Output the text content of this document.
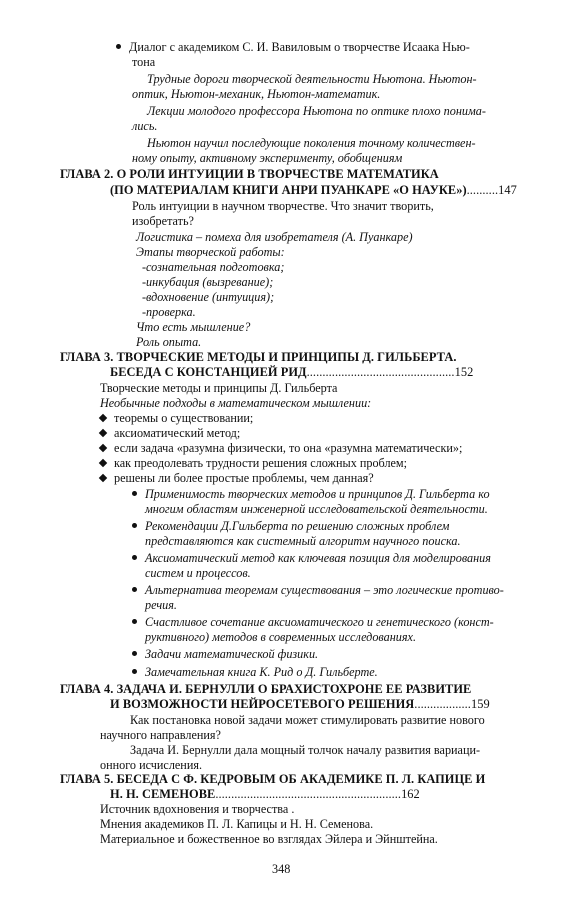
Диалог с академиком С. И. Вавиловым о творчестве Исаака Нью-
тона
Трудные дороги творческой деятельности Ньютона. Ньютон-
оптик, Ньютон-механик, Ньютон-математик.
Лекции молодого профессора Ньютона по оптике плохо понима-
лись.
Ньютон научил последующие поколения точному количествен-
ному опыту, активному эксперименту, обобщениям
ГЛАВА 2. О РОЛИ ИНТУИЦИИ В ТВОРЧЕСТВЕ МАТЕМАТИКА
(ПО МАТЕРИАЛАМ КНИГИ АНРИ ПУАНКАРЕ «О НАУКЕ»)..........147
Роль интуиции в научном творчестве. Что значит творить,
изобретать?
Логистика – помеха для изобретателя (А. Пуанкаре)
Этапы творческой работы:
-сознательная подготовка;
-инкубация (вызревание);
-вдохновение (интуиция);
-проверка.
Что есть мышление?
Роль опыта.
ГЛАВА 3. ТВОРЧЕСКИЕ МЕТОДЫ И ПРИНЦИПЫ Д. ГИЛЬБЕРТА.
БЕСЕДА С КОНСТАНЦИЕЙ РИД...............................................152
Творческие методы и принципы Д. Гильберта
Необычные подходы в математическом мышлении:
теоремы о существовании;
аксиоматический метод;
если задача «разумна физически, то она «разумна математически»;
как преодолевать трудности решения сложных проблем;
решены ли более простые проблемы, чем данная?
Применимость творческих методов и принципов Д. Гильберта ко
многим областям инженерной исследовательской деятельности.
Рекомендации Д.Гильберта по решению сложных проблем
представляются как системный алгоритм научного поиска.
Аксиоматический метод как ключевая позиция для моделирования
систем и процессов.
Альтернатива теоремам существования – это логические противо-
речия.
Счастливое сочетание аксиоматического и генетического (конст-
руктивного) методов в современных исследованиях.
Задачи математической физики.
Замечательная книга К. Рид о Д. Гильберте.
ГЛАВА 4. ЗАДАЧА И. БЕРНУЛЛИ О БРАХИСТОХРОНЕ ЕЕ РАЗВИТИЕ
И ВОЗМОЖНОСТИ НЕЙРОСЕТЕВОГО РЕШЕНИЯ..................159
Как постановка новой задачи может стимулировать развитие нового
научного направления?
Задача И. Бернулли дала мощный толчок началу развития вариаци-
онного исчисления.
ГЛАВА 5. БЕСЕДА С Ф. КЕДРОВЫМ ОБ АКАДЕМИКЕ П. Л. КАПИЦЕ И
Н. Н. СЕМЕНОВЕ...........................................................162
Источник вдохновения и творчества .
Мнения академиков П. Л. Капицы и Н. Н. Семенова.
Материальное и божественное во взглядах Эйлера и Эйнштейна.
348
